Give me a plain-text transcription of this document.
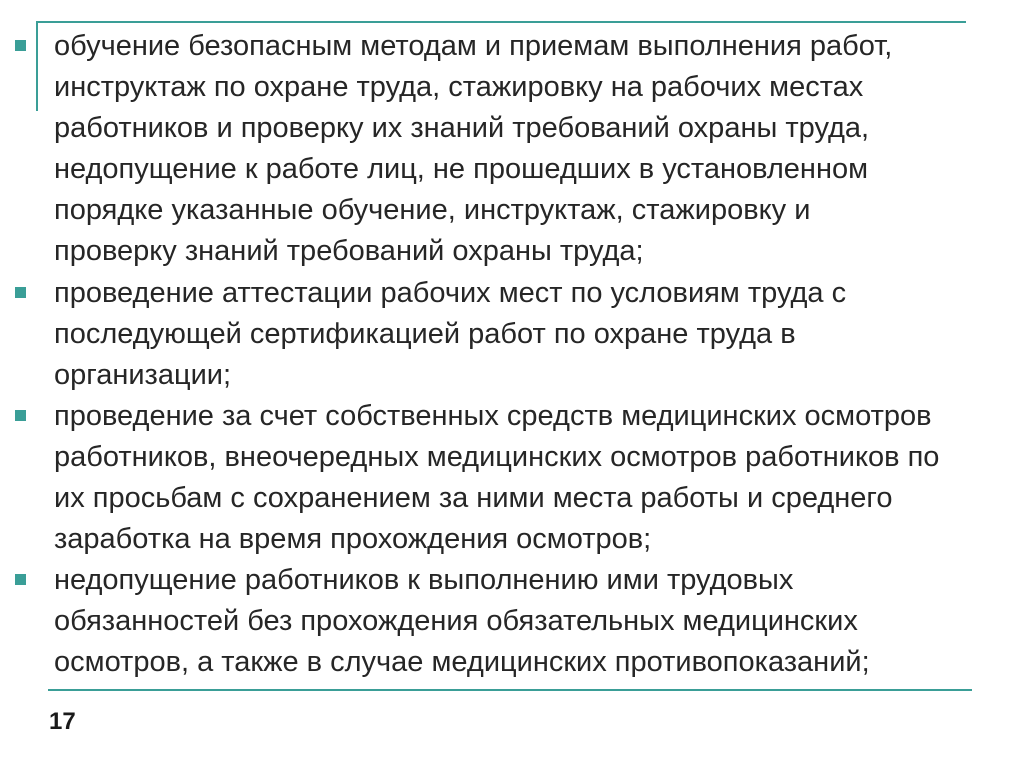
обучение безопасным методам и приемам выполнения работ,
инструктаж по охране труда, стажировку на рабочих местах
работников и проверку их знаний требований охраны труда,
недопущение к работе лиц, не прошедших в установленном
порядке указанные обучение, инструктаж, стажировку и
проверку знаний требований охраны труда;
проведение аттестации рабочих мест по условиям труда с
последующей сертификацией работ по охране труда в
организации;
проведение за счет собственных средств медицинских осмотров
работников, внеочередных медицинских осмотров работников по
их просьбам с сохранением за ними места работы и среднего
заработка на время прохождения осмотров;
недопущение работников к выполнению ими трудовых
обязанностей без прохождения обязательных медицинских
осмотров, а также в случае медицинских противопоказаний;
17
